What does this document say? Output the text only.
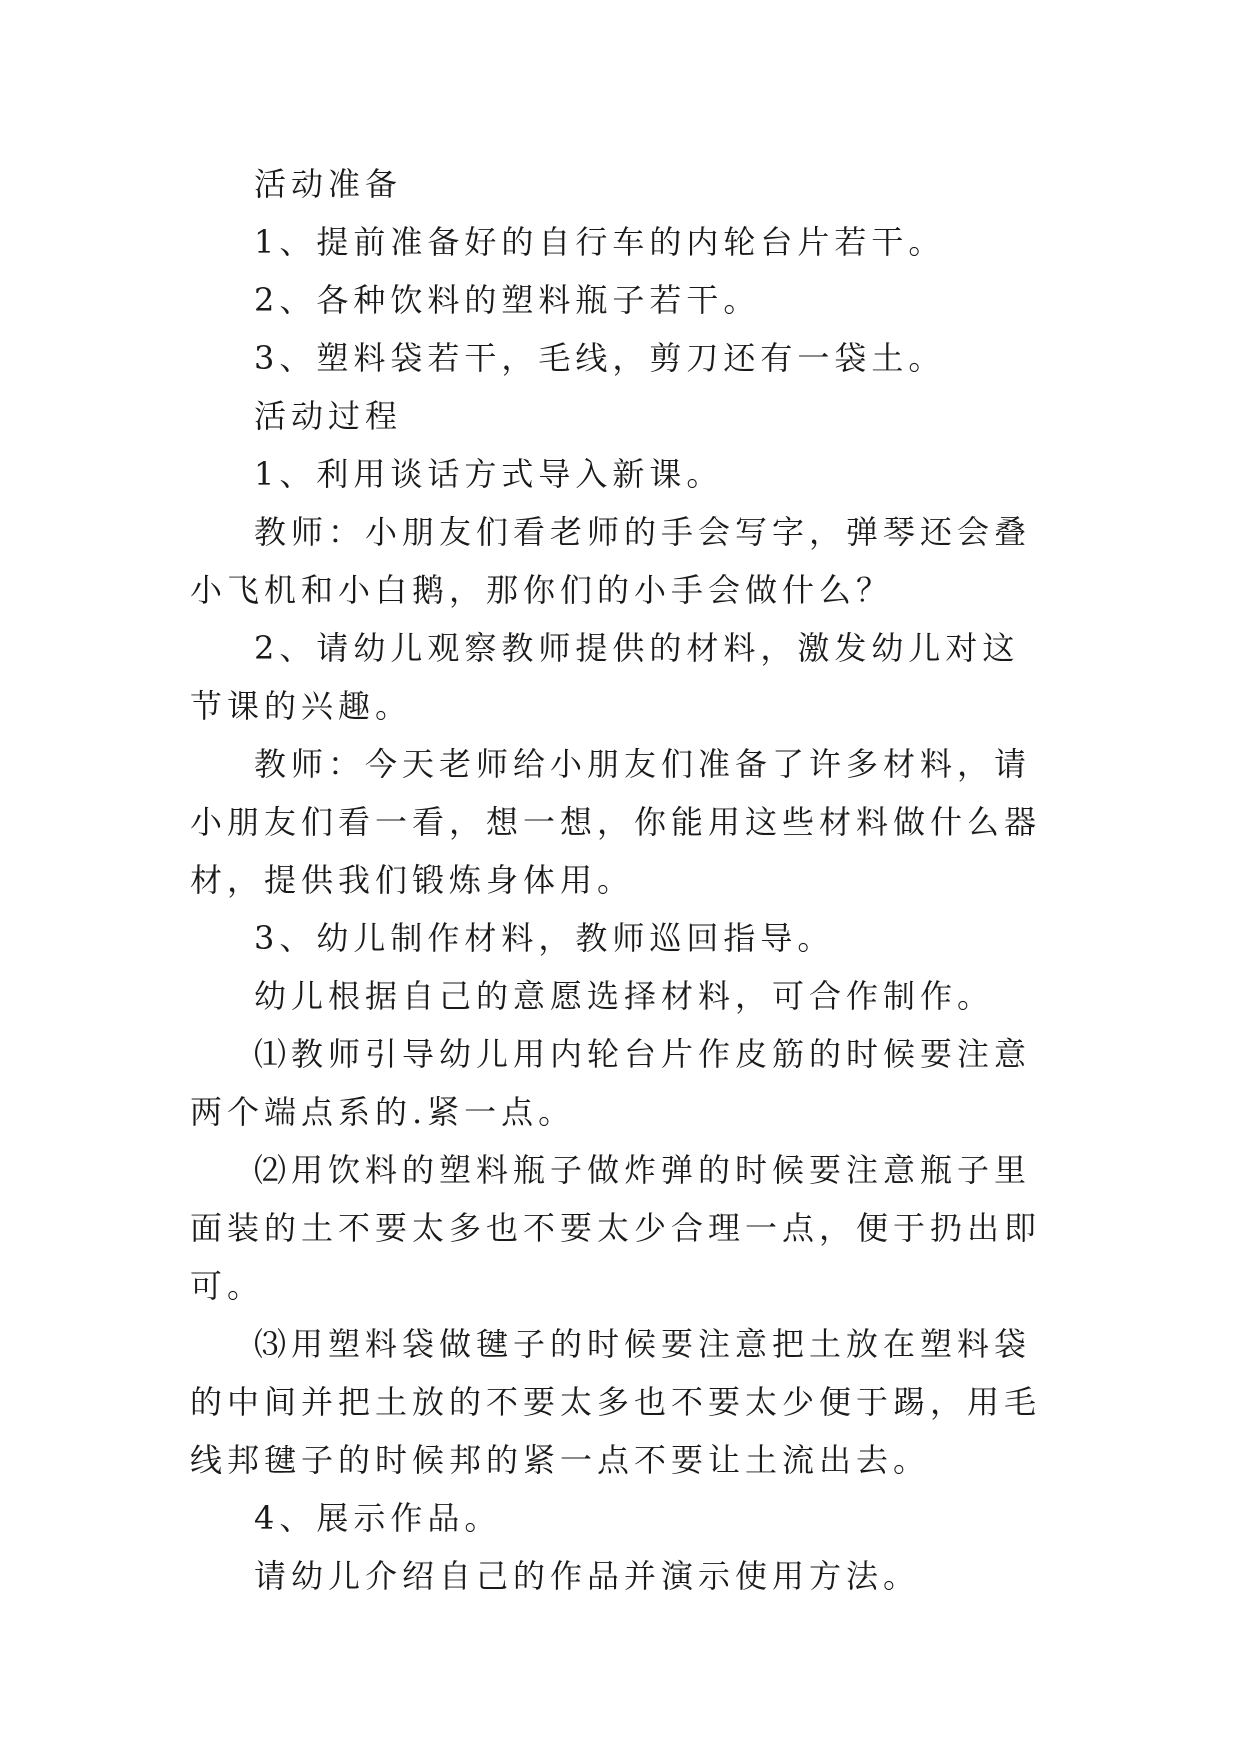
活动准备

1、提前准备好的自行车的内轮台片若干。

2、各种饮料的塑料瓶子若干。

3、塑料袋若干，毛线，剪刀还有一袋土。

活动过程

1、利用谈话方式导入新课。

教师：小朋友们看老师的手会写字，弹琴还会叠小飞机和小白鹅，那你们的小手会做什么？

2、请幼儿观察教师提供的材料，激发幼儿对这节课的兴趣。

教师：今天老师给小朋友们准备了许多材料，请小朋友们看一看，想一想，你能用这些材料做什么器材，提供我们锻炼身体用。

3、幼儿制作材料，教师巡回指导。

幼儿根据自己的意愿选择材料，可合作制作。

⑴教师引导幼儿用内轮台片作皮筋的时候要注意两个端点系的.紧一点。

⑵用饮料的塑料瓶子做炸弹的时候要注意瓶子里面装的土不要太多也不要太少合理一点，便于扔出即可。

⑶用塑料袋做毽子的时候要注意把土放在塑料袋的中间并把土放的不要太多也不要太少便于踢，用毛线邦毽子的时候邦的紧一点不要让土流出去。

4、展示作品。

请幼儿介绍自己的作品并演示使用方法。
